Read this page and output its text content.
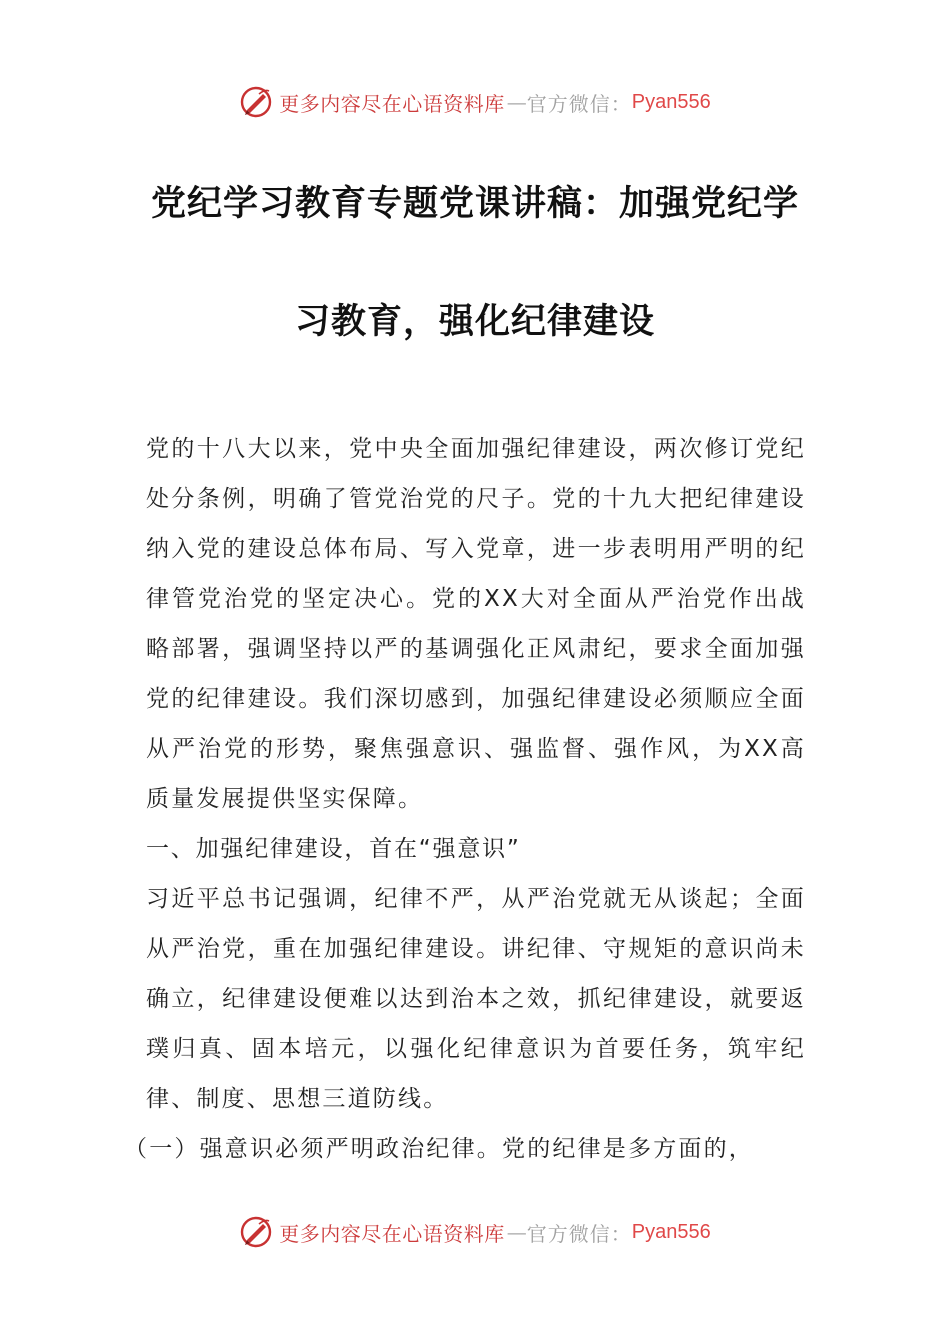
更多内容尽在心语资料库 — 官方微信： Pyan556
党纪学习教育专题党课讲稿：加强党纪学
习教育，强化纪律建设

党的十八大以来，党中央全面加强纪律建设，两次修订党纪处分条例，明确了管党治党的尺子。党的十九大把纪律建设纳入党的建设总体布局、写入党章，进一步表明用严明的纪律管党治党的坚定决心。党的XX大对全面从严治党作出战略部署，强调坚持以严的基调强化正风肃纪，要求全面加强党的纪律建设。我们深切感到，加强纪律建设必须顺应全面从严治党的形势，聚焦强意识、强监督、强作风，为XX高质量发展提供坚实保障。

一、加强纪律建设，首在“强意识”

习近平总书记强调，纪律不严，从严治党就无从谈起；全面从严治党，重在加强纪律建设。讲纪律、守规矩的意识尚未确立，纪律建设便难以达到治本之效，抓纪律建设，就要返璞归真、固本培元，以强化纪律意识为首要任务，筑牢纪律、制度、思想三道防线。

（一）强意识必须严明政治纪律。党的纪律是多方面的，

更多内容尽在心语资料库 — 官方微信： Pyan556
